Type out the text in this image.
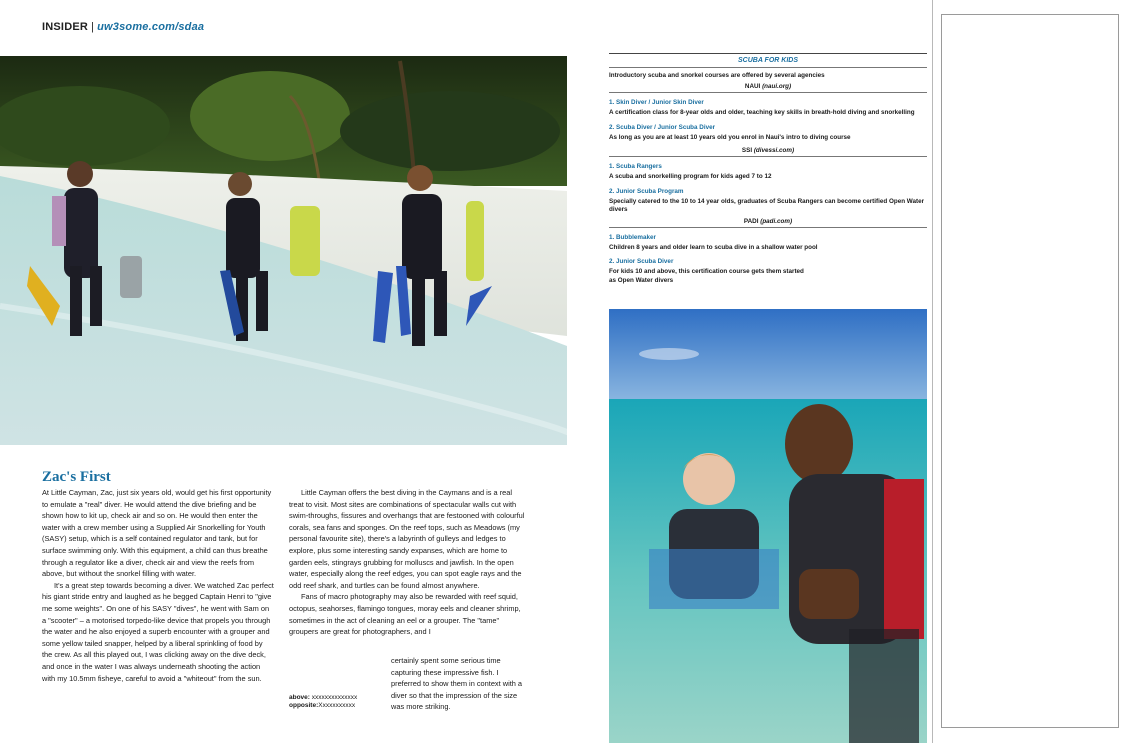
INSIDER | uw3some.com/sdaa
Zac's First

At Little Cayman, Zac, just six years old, would get his first opportunity to emulate a "real" diver. He would attend the dive briefing and be shown how to kit up, check air and so on. He would then enter the water with a crew member using a Supplied Air Snorkelling for Youth (SASY) setup, which is a self contained regulator and tank, but for surface swimming only. With this equipment, a child can thus breathe through a regulator like a diver, check air and view the reefs from above, but without the snorkel filling with water.

It's a great step towards becoming a diver. We watched Zac perfect his giant stride entry and laughed as he begged Captain Henri to "give me some weights". On one of his SASY "dives", he went with Sam on a "scooter" – a motorised torpedo-like device that propels you through the water and he also enjoyed a superb encounter with a grouper and some yellow tailed snapper, helped by a liberal sprinkling of food by the crew. As all this played out, I was clicking away on the dive deck, and once in the water I was always underneath shooting the action with my 10.5mm fisheye, careful to avoid a "whiteout" from the sun.

Little Cayman offers the best diving in the Caymans and is a real treat to visit. Most sites are combinations of spectacular walls cut with swim-throughs, fissures and overhangs that are festooned with colourful corals, sea fans and sponges. On the reef tops, such as Meadows (my personal favourite site), there's a labyrinth of gulleys and ledges to explore, plus some interesting sandy expanses, which are home to garden eels, stingrays grubbing for molluscs and jawfish. In the open water, especially along the reef edges, you can spot eagle rays and the odd reef shark, and turtles can be found almost anywhere.

Fans of macro photography may also be rewarded with reef squid, octopus, seahorses, flamingo tongues, moray eels and cleaner shrimp, sometimes in the act of cleaning an eel or a grouper. The "tame" groupers are great for photographers, and I

certainly spent some serious time capturing these impressive fish. I preferred to show them in context with a diver so that the impression of the size was more striking.

above: xxxxxxxxxxxxxx
opposite:Xxxxxxxxxxx
SCUBA FOR KIDS
Introductory scuba and snorkel courses are offered by several agencies
NAUI (naui.org)
1. Skin Diver / Junior Skin Diver
A certification class for 8-year olds and older, teaching key skills in breath-hold diving and snorkelling
2. Scuba Diver / Junior Scuba Diver
As long as you are at least 10 years old you enrol in Naui's intro to diving course
SSI (divessi.com)
1. Scuba Rangers
A scuba and snorkelling program for kids aged 7 to 12
2. Junior Scuba Program
Specially catered to the 10 to 14 year olds, graduates of Scuba Rangers can become certified Open Water divers
PADI (padi.com)
1. Bubblemaker
Children 8 years and older learn to scuba dive in a shallow water pool
2. Junior Scuba Diver
For kids 10 and above, this certification course gets them started as Open Water divers
